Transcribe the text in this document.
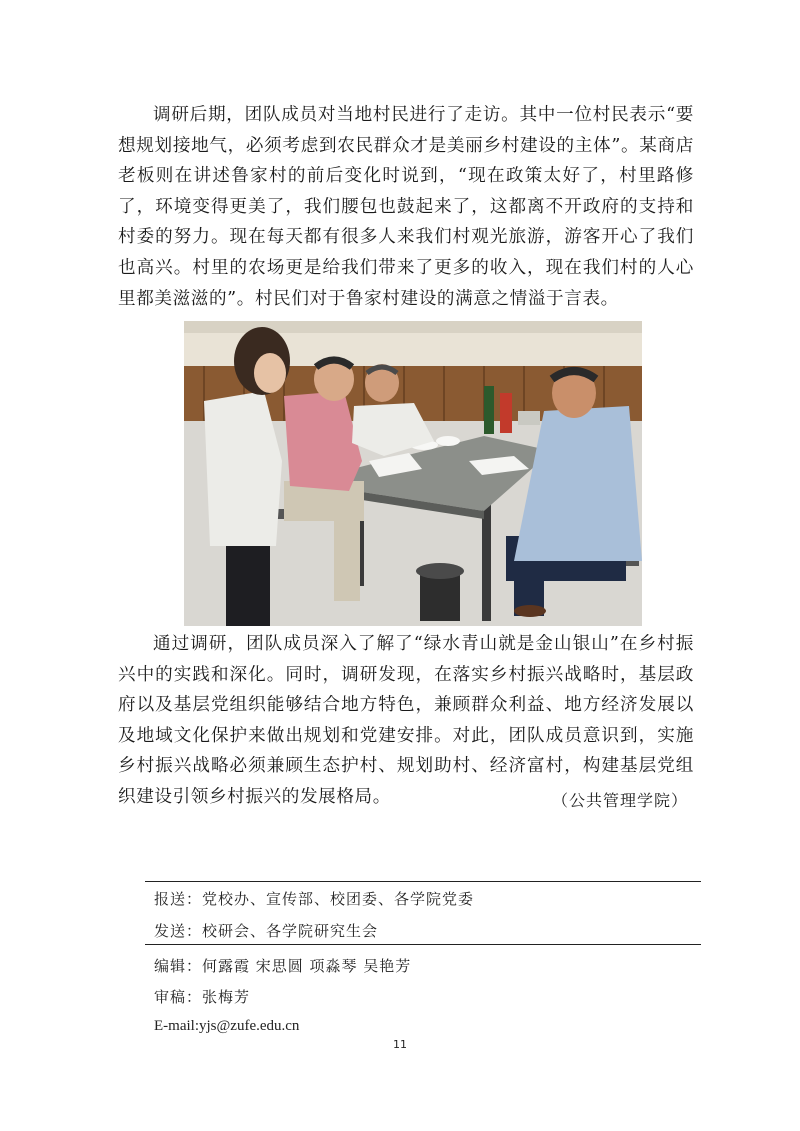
调研后期，团队成员对当地村民进行了走访。其中一位村民表示“要想规划接地气，必须考虑到农民群众才是美丽乡村建设的主体”。某商店老板则在讲述鲁家村的前后变化时说到，“现在政策太好了，村里路修了，环境变得更美了，我们腰包也鼓起来了，这都离不开政府的支持和村委的努力。现在每天都有很多人来我们村观光旅游，游客开心了我们也高兴。村里的农场更是给我们带来了更多的收入，现在我们村的人心里都美滋滋的”。村民们对于鲁家村建设的满意之情溢于言表。

通过调研，团队成员深入了解了“绿水青山就是金山银山”在乡村振兴中的实践和深化。同时，调研发现，在落实乡村振兴战略时，基层政府以及基层党组织能够结合地方特色，兼顾群众利益、地方经济发展以及地域文化保护来做出规划和党建安排。对此，团队成员意识到，实施乡村振兴战略必须兼顾生态护村、规划助村、经济富村，构建基层党组织建设引领乡村振兴的发展格局。	（公共管理学院）

报送：党校办、宣传部、校团委、各学院党委

发送：校研会、各学院研究生会

编辑：何露霞 宋思圆 项淼琴 吴艳芳

审稿：张梅芳

E-mail:yjs@zufe.edu.cn

11
